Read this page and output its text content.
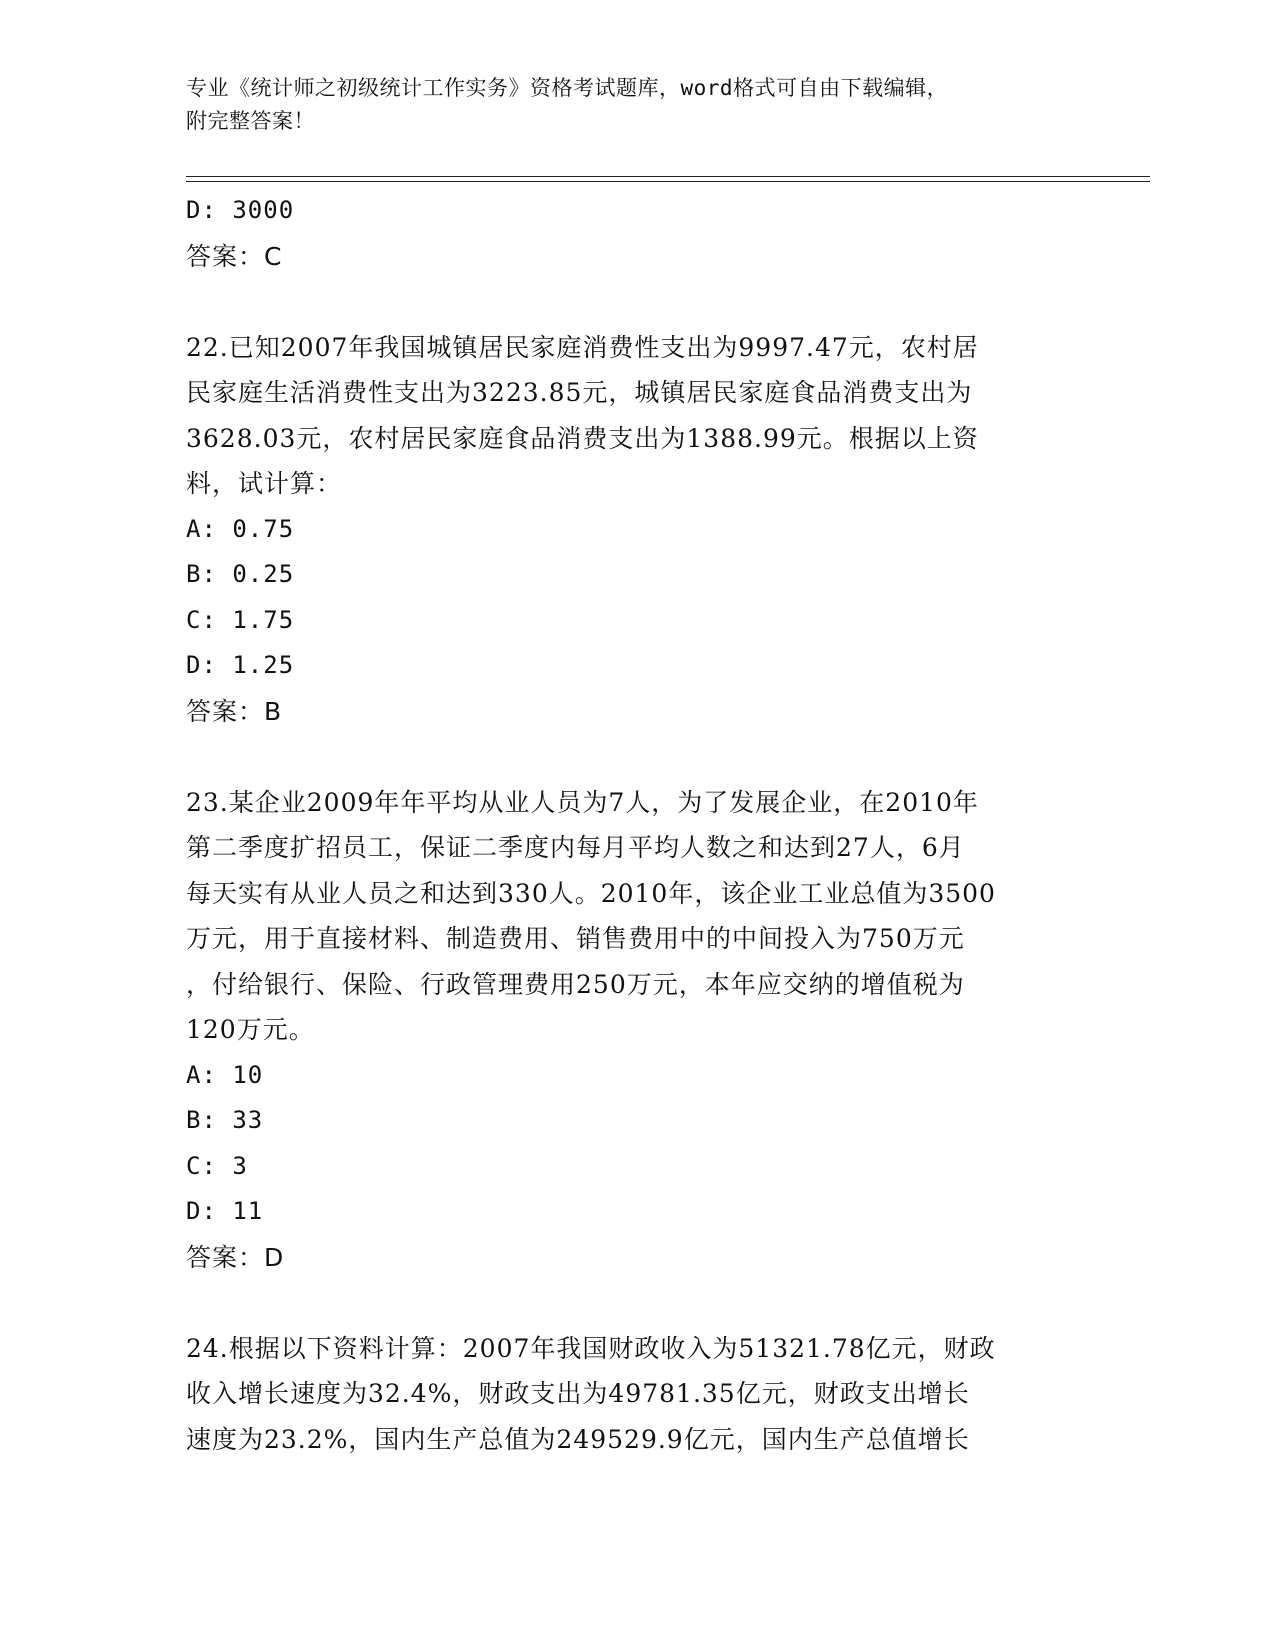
专业《统计师之初级统计工作实务》资格考试题库，word格式可自由下载编辑，
附完整答案！
D: 3000
答案：C
22.已知2007年我国城镇居民家庭消费性支出为9997.47元，农村居
民家庭生活消费性支出为3223.85元，城镇居民家庭食品消费支出为
3628.03元，农村居民家庭食品消费支出为1388.99元。根据以上资
料，试计算：
A: 0.75
B: 0.25
C: 1.75
D: 1.25
答案：B
23.某企业2009年年平均从业人员为7人，为了发展企业，在2010年
第二季度扩招员工，保证二季度内每月平均人数之和达到27人，6月
每天实有从业人员之和达到330人。2010年，该企业工业总值为3500
万元，用于直接材料、制造费用、销售费用中的中间投入为750万元
，付给银行、保险、行政管理费用250万元，本年应交纳的增值税为
120万元。
A: 10
B: 33
C: 3
D: 11
答案：D
24.根据以下资料计算：2007年我国财政收入为51321.78亿元，财政
收入增长速度为32.4%，财政支出为49781.35亿元，财政支出增长
速度为23.2%，国内生产总值为249529.9亿元，国内生产总值增长
